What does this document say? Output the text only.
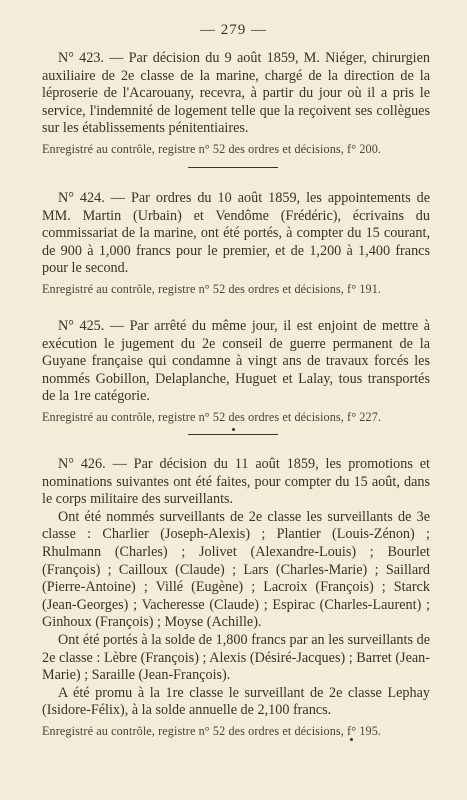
— 279 —

N° 423. — Par décision du 9 août 1859, M. Niéger, chirurgien auxiliaire de 2e classe de la marine, chargé de la direction de la léproserie de l'Acarouany, recevra, à partir du jour où il a pris le service, l'indemnité de logement telle que la reçoivent ses collègues sur les établissements pénitentiaires.

Enregistré au contrôle, registre n° 52 des ordres et décisions, f° 200.

N° 424. — Par ordres du 10 août 1859, les appointements de MM. Martin (Urbain) et Vendôme (Frédéric), écrivains du commissariat de la marine, ont été portés, à compter du 15 courant, de 900 à 1,000 francs pour le premier, et de 1,200 à 1,400 francs pour le second.

Enregistré au contrôle, registre n° 52 des ordres et décisions, f° 191.

N° 425. — Par arrêté du même jour, il est enjoint de mettre à exécution le jugement du 2e conseil de guerre permanent de la Guyane française qui condamne à vingt ans de travaux forcés les nommés Gobillon, Delaplanche, Huguet et Lalay, tous transportés de la 1re catégorie.

Enregistré au contrôle, registre n° 52 des ordres et décisions, f° 227.

N° 426. — Par décision du 11 août 1859, les promotions et nominations suivantes ont été faites, pour compter du 15 août, dans le corps militaire des surveillants.

Ont été nommés surveillants de 2e classe les surveillants de 3e classe : Charlier (Joseph-Alexis) ; Plantier (Louis-Zénon) ; Rhulmann (Charles) ; Jolivet (Alexandre-Louis) ; Bourlet (François) ; Cailloux (Claude) ; Lars (Charles-Marie) ; Saillard (Pierre-Antoine) ; Villé (Eugène) ; Lacroix (François) ; Starck (Jean-Georges) ; Vacheresse (Claude) ; Espirac (Charles-Laurent) ; Ginhoux (François) ; Moyse (Achille).

Ont été portés à la solde de 1,800 francs par an les surveillants de 2e classe : Lèbre (François) ; Alexis (Désiré-Jacques) ; Barret (Jean-Marie) ; Saraille (Jean-François).

A été promu à la 1re classe le surveillant de 2e classe Lephay (Isidore-Félix), à la solde annuelle de 2,100 francs.

Enregistré au contrôle, registre n° 52 des ordres et décisions, f° 195.
